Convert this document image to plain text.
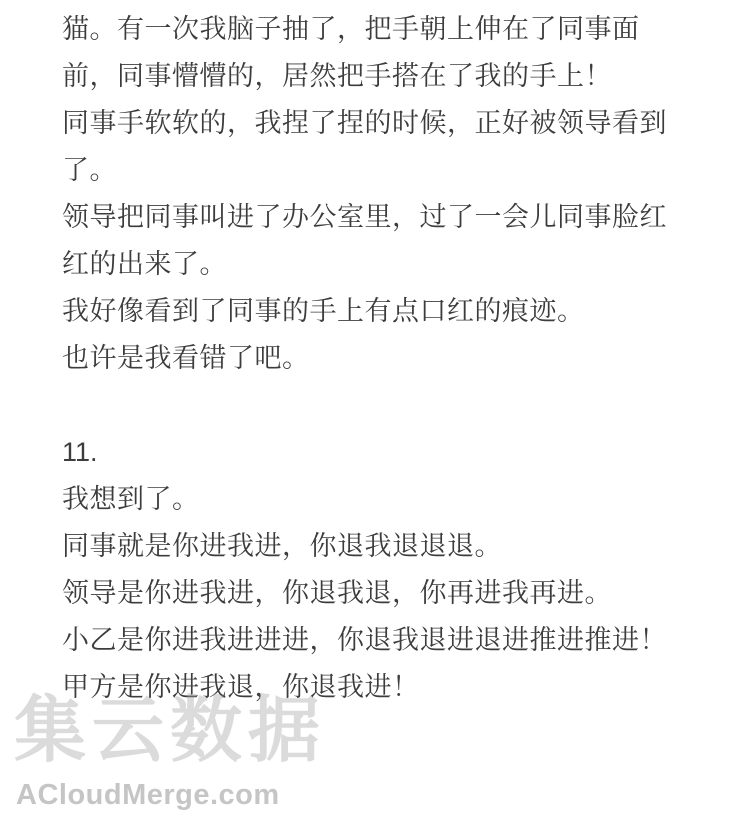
猫。有一次我脑子抽了，把手朝上伸在了同事面前，同事懵懵的，居然把手搭在了我的手上！

同事手软软的，我捏了捏的时候，正好被领导看到了。

领导把同事叫进了办公室里，过了一会儿同事脸红红的出来了。

我好像看到了同事的手上有点口红的痕迹。

也许是我看错了吧。

11.

我想到了。

同事就是你进我进，你退我退退退。

领导是你进我进，你退我退，你再进我再进。

小乙是你进我进进进，你退我退进退进推进推进！

甲方是你进我退，你退我进！

集云数据
ACloudMerge.com
